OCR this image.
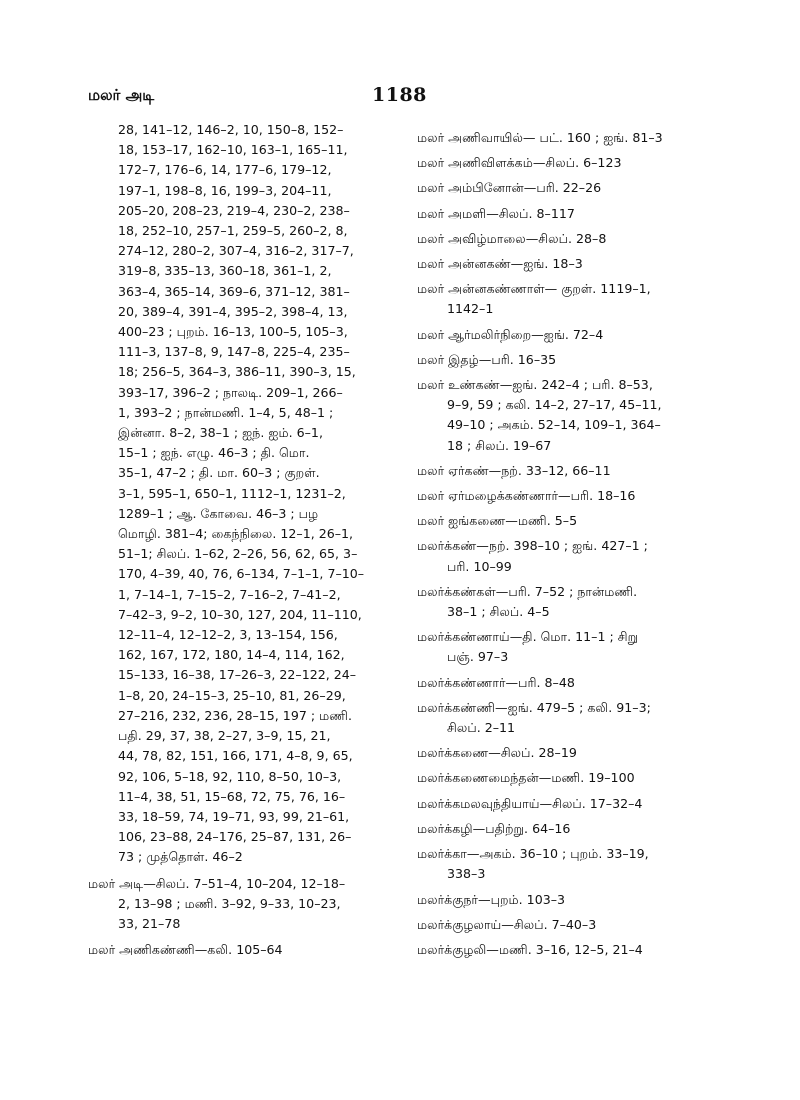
மலர் அடி	1188
28, 141–12, 146–2, 10, 150–8, 152–
18, 153–17, 162–10, 163–1, 165–11,
172–7, 176–6, 14, 177–6, 179–12,
197–1, 198–8, 16, 199–3, 204–11,
205–20, 208–23, 219–4, 230–2, 238–
18, 252–10, 257–1, 259–5, 260–2, 8,
274–12, 280–2, 307–4, 316–2, 317–7,
319–8, 335–13, 360–18, 361–1, 2,
363–4, 365–14, 369–6, 371–12, 381–
20, 389–4, 391–4, 395–2, 398–4, 13,
400–23 ; புறம். 16–13, 100–5, 105–3,
111–3, 137–8, 9, 147–8, 225–4, 235–
18; 256–5, 364–3, 386–11, 390–3, 15,
393–17, 396–2 ; நாலடி. 209–1, 266–
1, 393–2 ; நான்மணி. 1–4, 5, 48–1 ;
இன்னா. 8–2, 38–1 ; ஐந். ஐம். 6–1,
15–1 ; ஐந். எழு. 46–3 ; தி. மொ.
35–1, 47–2 ; தி. மா. 60–3 ; குறள்.
3–1, 595–1, 650–1, 1112–1, 1231–2,
1289–1 ; ஆ. கோவை. 46–3 ; பழ
மொழி. 381–4; கைந்நிலை. 12–1, 26–1,
51–1; சிலப். 1–62, 2–26, 56, 62, 65, 3–
170, 4–39, 40, 76, 6–134, 7–1–1, 7–10–
1, 7–14–1, 7–15–2, 7–16–2, 7–41–2,
7–42–3, 9–2, 10–30, 127, 204, 11–110,
12–11–4, 12–12–2, 3, 13–154, 156,
162, 167, 172, 180, 14–4, 114, 162,
15–133, 16–38, 17–26–3, 22–122, 24–
1–8, 20, 24–15–3, 25–10, 81, 26–29,
27–216, 232, 236, 28–15, 197 ; மணி.
பதி. 29, 37, 38, 2–27, 3–9, 15, 21,
44, 78, 82, 151, 166, 171, 4–8, 9, 65,
92, 106, 5–18, 92, 110, 8–50, 10–3,
11–4, 38, 51, 15–68, 72, 75, 76, 16–
33, 18–59, 74, 19–71, 93, 99, 21–61,
106, 23–88, 24–176, 25–87, 131, 26–
73 ; முத்தொள். 46–2
மலர் அடி—சிலப். 7–51–4, 10–204, 12–18–
2, 13–98 ; மணி. 3–92, 9–33, 10–23,
33, 21–78
மலர் அணிகண்ணி—கலி. 105–64
மலர் அணிவாயில்— பட். 160 ; ஐங். 81–3
மலர் அணிவிளக்கம்—சிலப். 6–123
மலர் அம்பினோன்—பரி. 22–26
மலர் அமளி—சிலப். 8–117
மலர் அவிழ்மாலை—சிலப். 28–8
மலர் அன்னகண்—ஐங். 18–3
மலர் அன்னகண்ணாள்— குறள். 1119–1,
1142–1
மலர் ஆர்மலிர்நிறை—ஐங். 72–4
மலர் இதழ்—பரி. 16–35
மலர் உண்கண்—ஐங். 242–4 ; பரி. 8–53,
9–9, 59 ; கலி. 14–2, 27–17, 45–11,
49–10 ; அகம். 52–14, 109–1, 364–
18 ; சிலப். 19–67
மலர் ஏர்கண்—நற். 33–12, 66–11
மலர் ஏர்மழைக்கண்ணார்—பரி. 18–16
மலர் ஐங்கணை—மணி. 5–5
மலர்க்கண்—நற். 398–10 ; ஐங். 427–1 ;
பரி. 10–99
மலர்க்கண்கள்—பரி. 7–52 ; நான்மணி.
38–1 ; சிலப். 4–5
மலர்க்கண்ணாய்—தி. மொ. 11–1 ; சிறு
பஞ். 97–3
மலர்க்கண்ணார்—பரி. 8–48
மலர்க்கண்ணி—ஐங். 479–5 ; கலி. 91–3;
சிலப். 2–11
மலர்க்கணை—சிலப். 28–19
மலர்க்கணைமைந்தன்—மணி. 19–100
மலர்க்கமலவுந்தியாய்—சிலப். 17–32–4
மலர்க்கழி—பதிற்று. 64–16
மலர்க்கா—அகம். 36–10 ; புறம். 33–19,
338–3
மலர்க்குநர்—புறம். 103–3
மலர்க்குழலாய்—சிலப். 7–40–3
மலர்க்குழலி—மணி. 3–16, 12–5, 21–4
